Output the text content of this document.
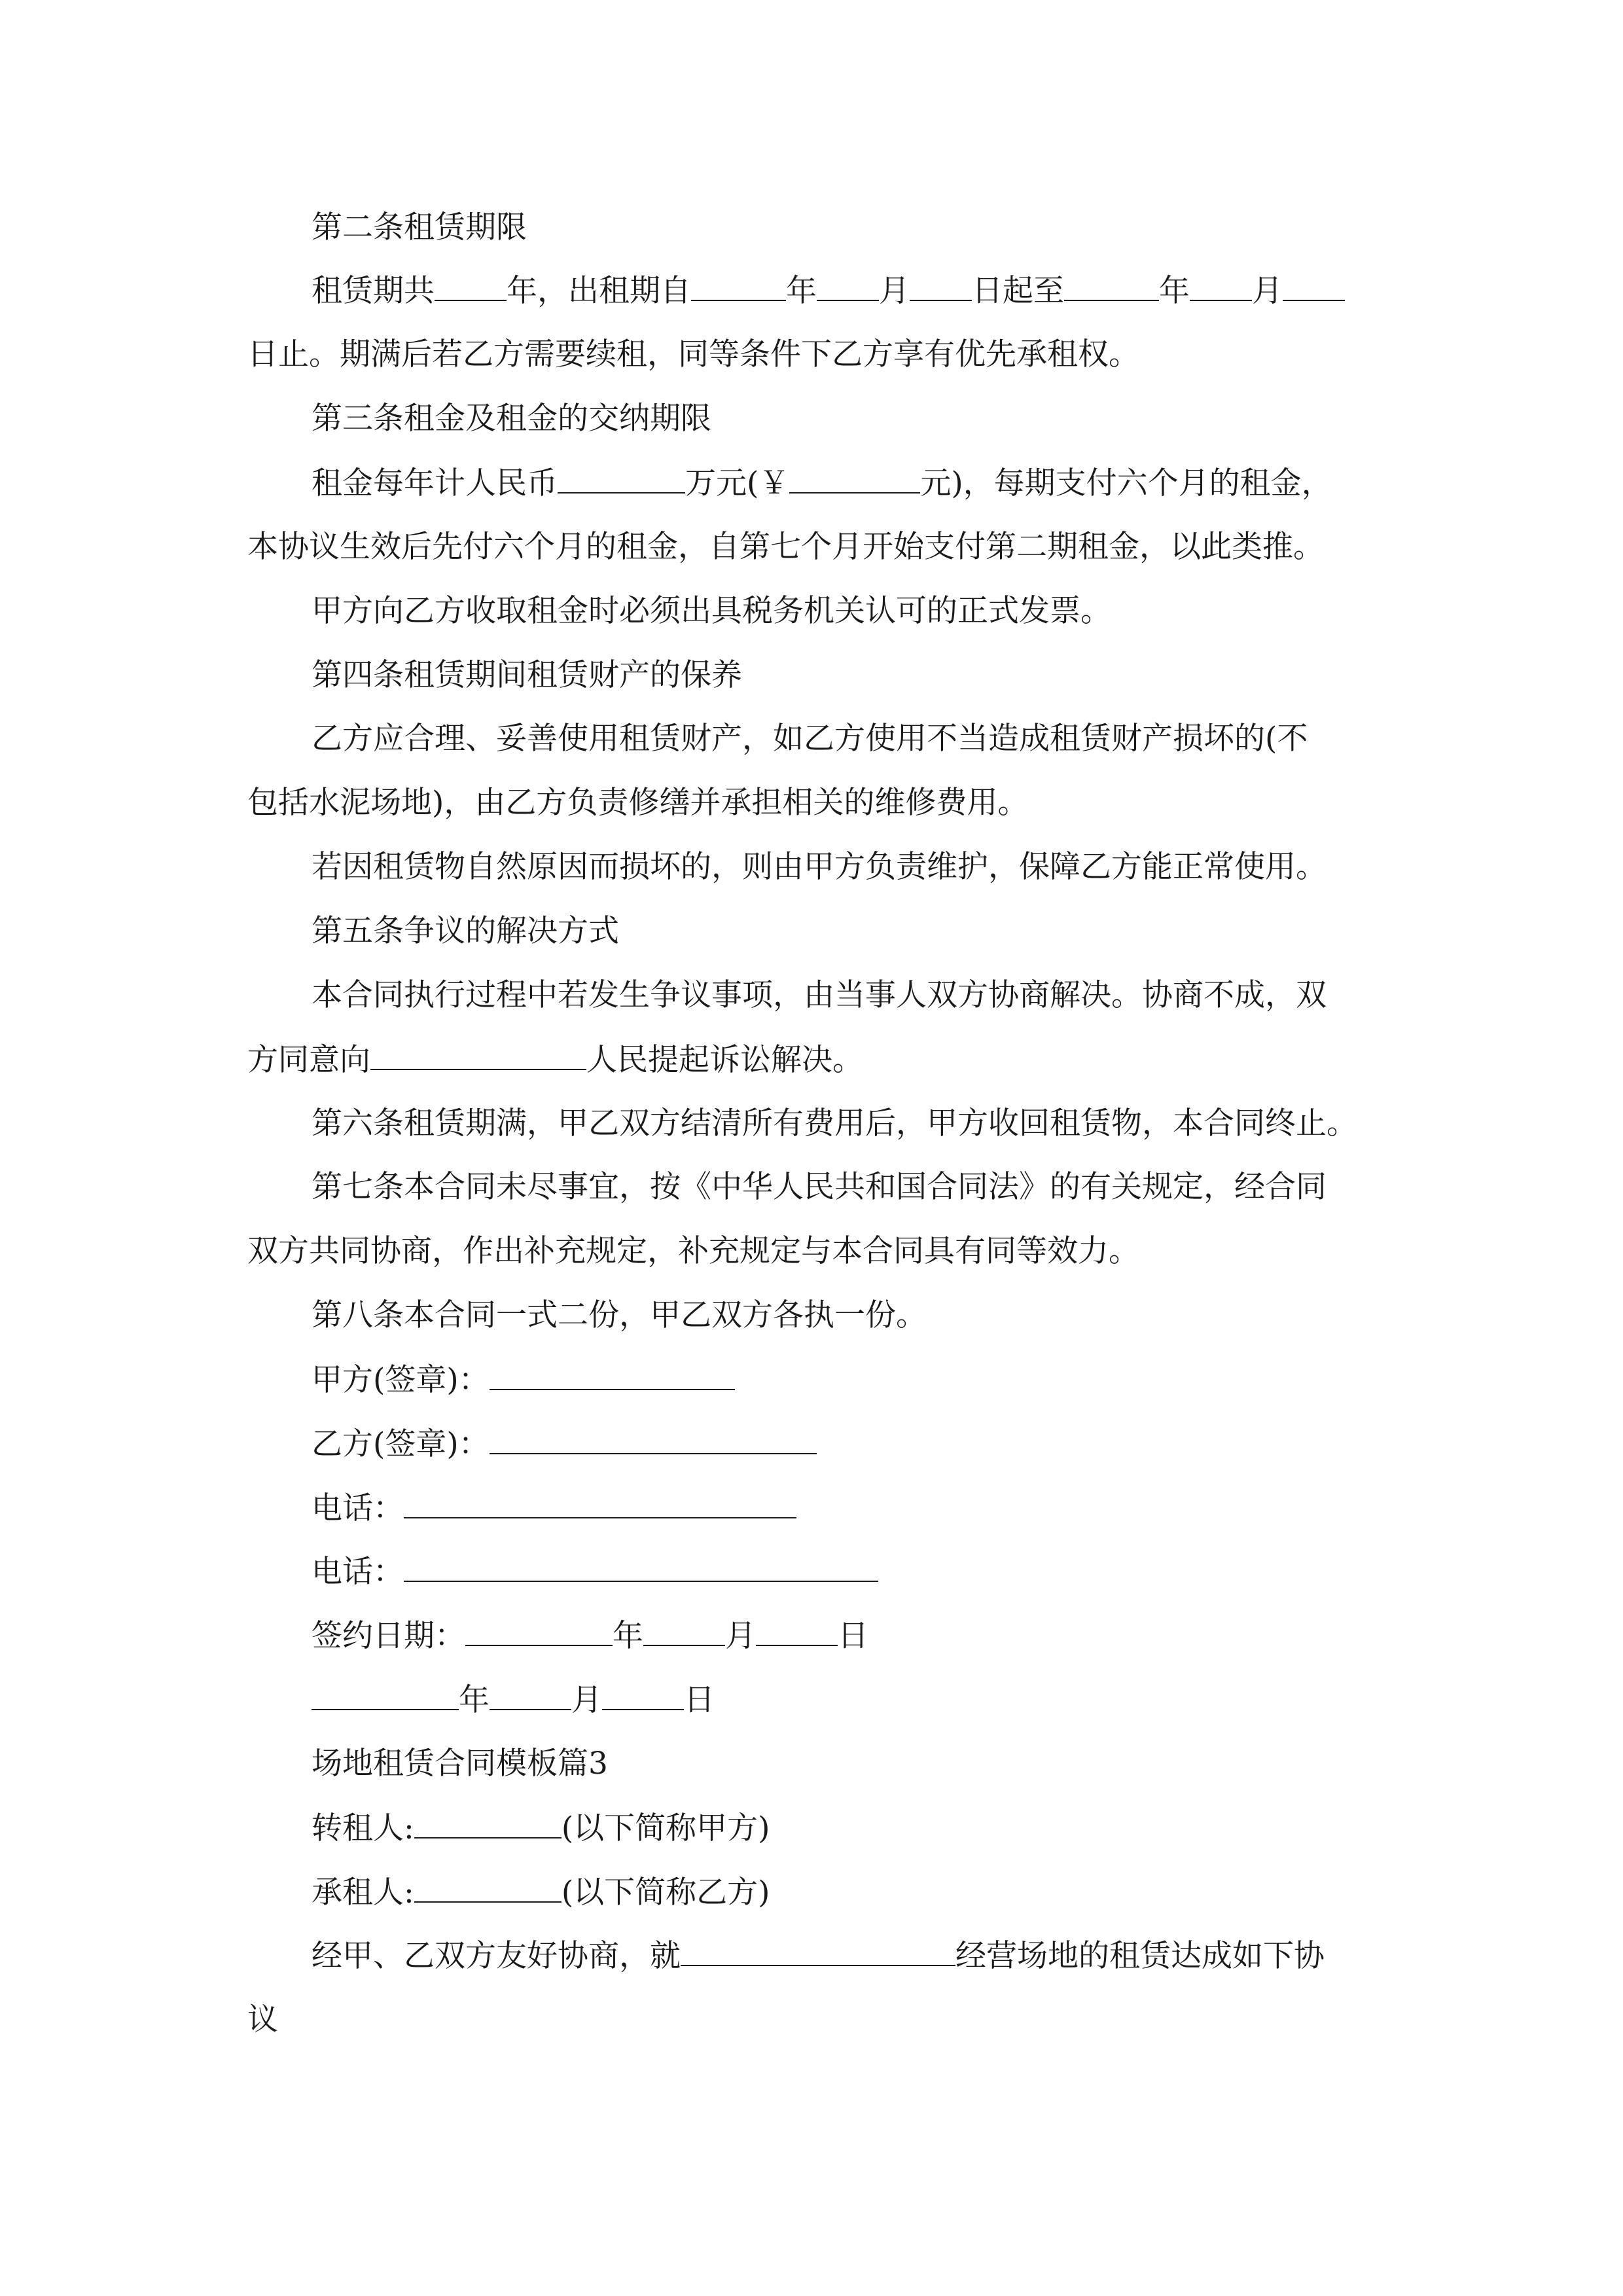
第二条租赁期限
租赁期共 年，出租期自	年 月 日起至	年 月
日止。期满后若乙方需要续租，同等条件下乙方享有优先承租权。
第三条租金及租金的交纳期限
租金每年计人民币	万元(￥	元)，每期支付六个月的租金，
本协议生效后先付六个月的租金，自第七个月开始支付第二期租金，以此类推。
甲方向乙方收取租金时必须出具税务机关认可的正式发票。
第四条租赁期间租赁财产的保养
乙方应合理、妥善使用租赁财产，如乙方使用不当造成租赁财产损坏的(不
包括水泥场地)，由乙方负责修缮并承担相关的维修费用。
若因租赁物自然原因而损坏的，则由甲方负责维护，保障乙方能正常使用。
第五条争议的解决方式
本合同执行过程中若发生争议事项，由当事人双方协商解决。协商不成，双
方同意向	人民提起诉讼解决。
第六条租赁期满，甲乙双方结清所有费用后，甲方收回租赁物，本合同终止。
第七条本合同未尽事宜，按《中华人民共和国合同法》的有关规定，经合同
双方共同协商，作出补充规定，补充规定与本合同具有同等效力。
第八条本合同一式二份，甲乙双方各执一份。
甲方(签章)：
乙方(签章)：
电话：
电话：
签约日期：	年	月	日
年	月	日
场地租赁合同模板篇3
转租人:	(以下简称甲方)
承租人:	(以下简称乙方)
经甲、乙双方友好协商，就	经营场地的租赁达成如下协
议
